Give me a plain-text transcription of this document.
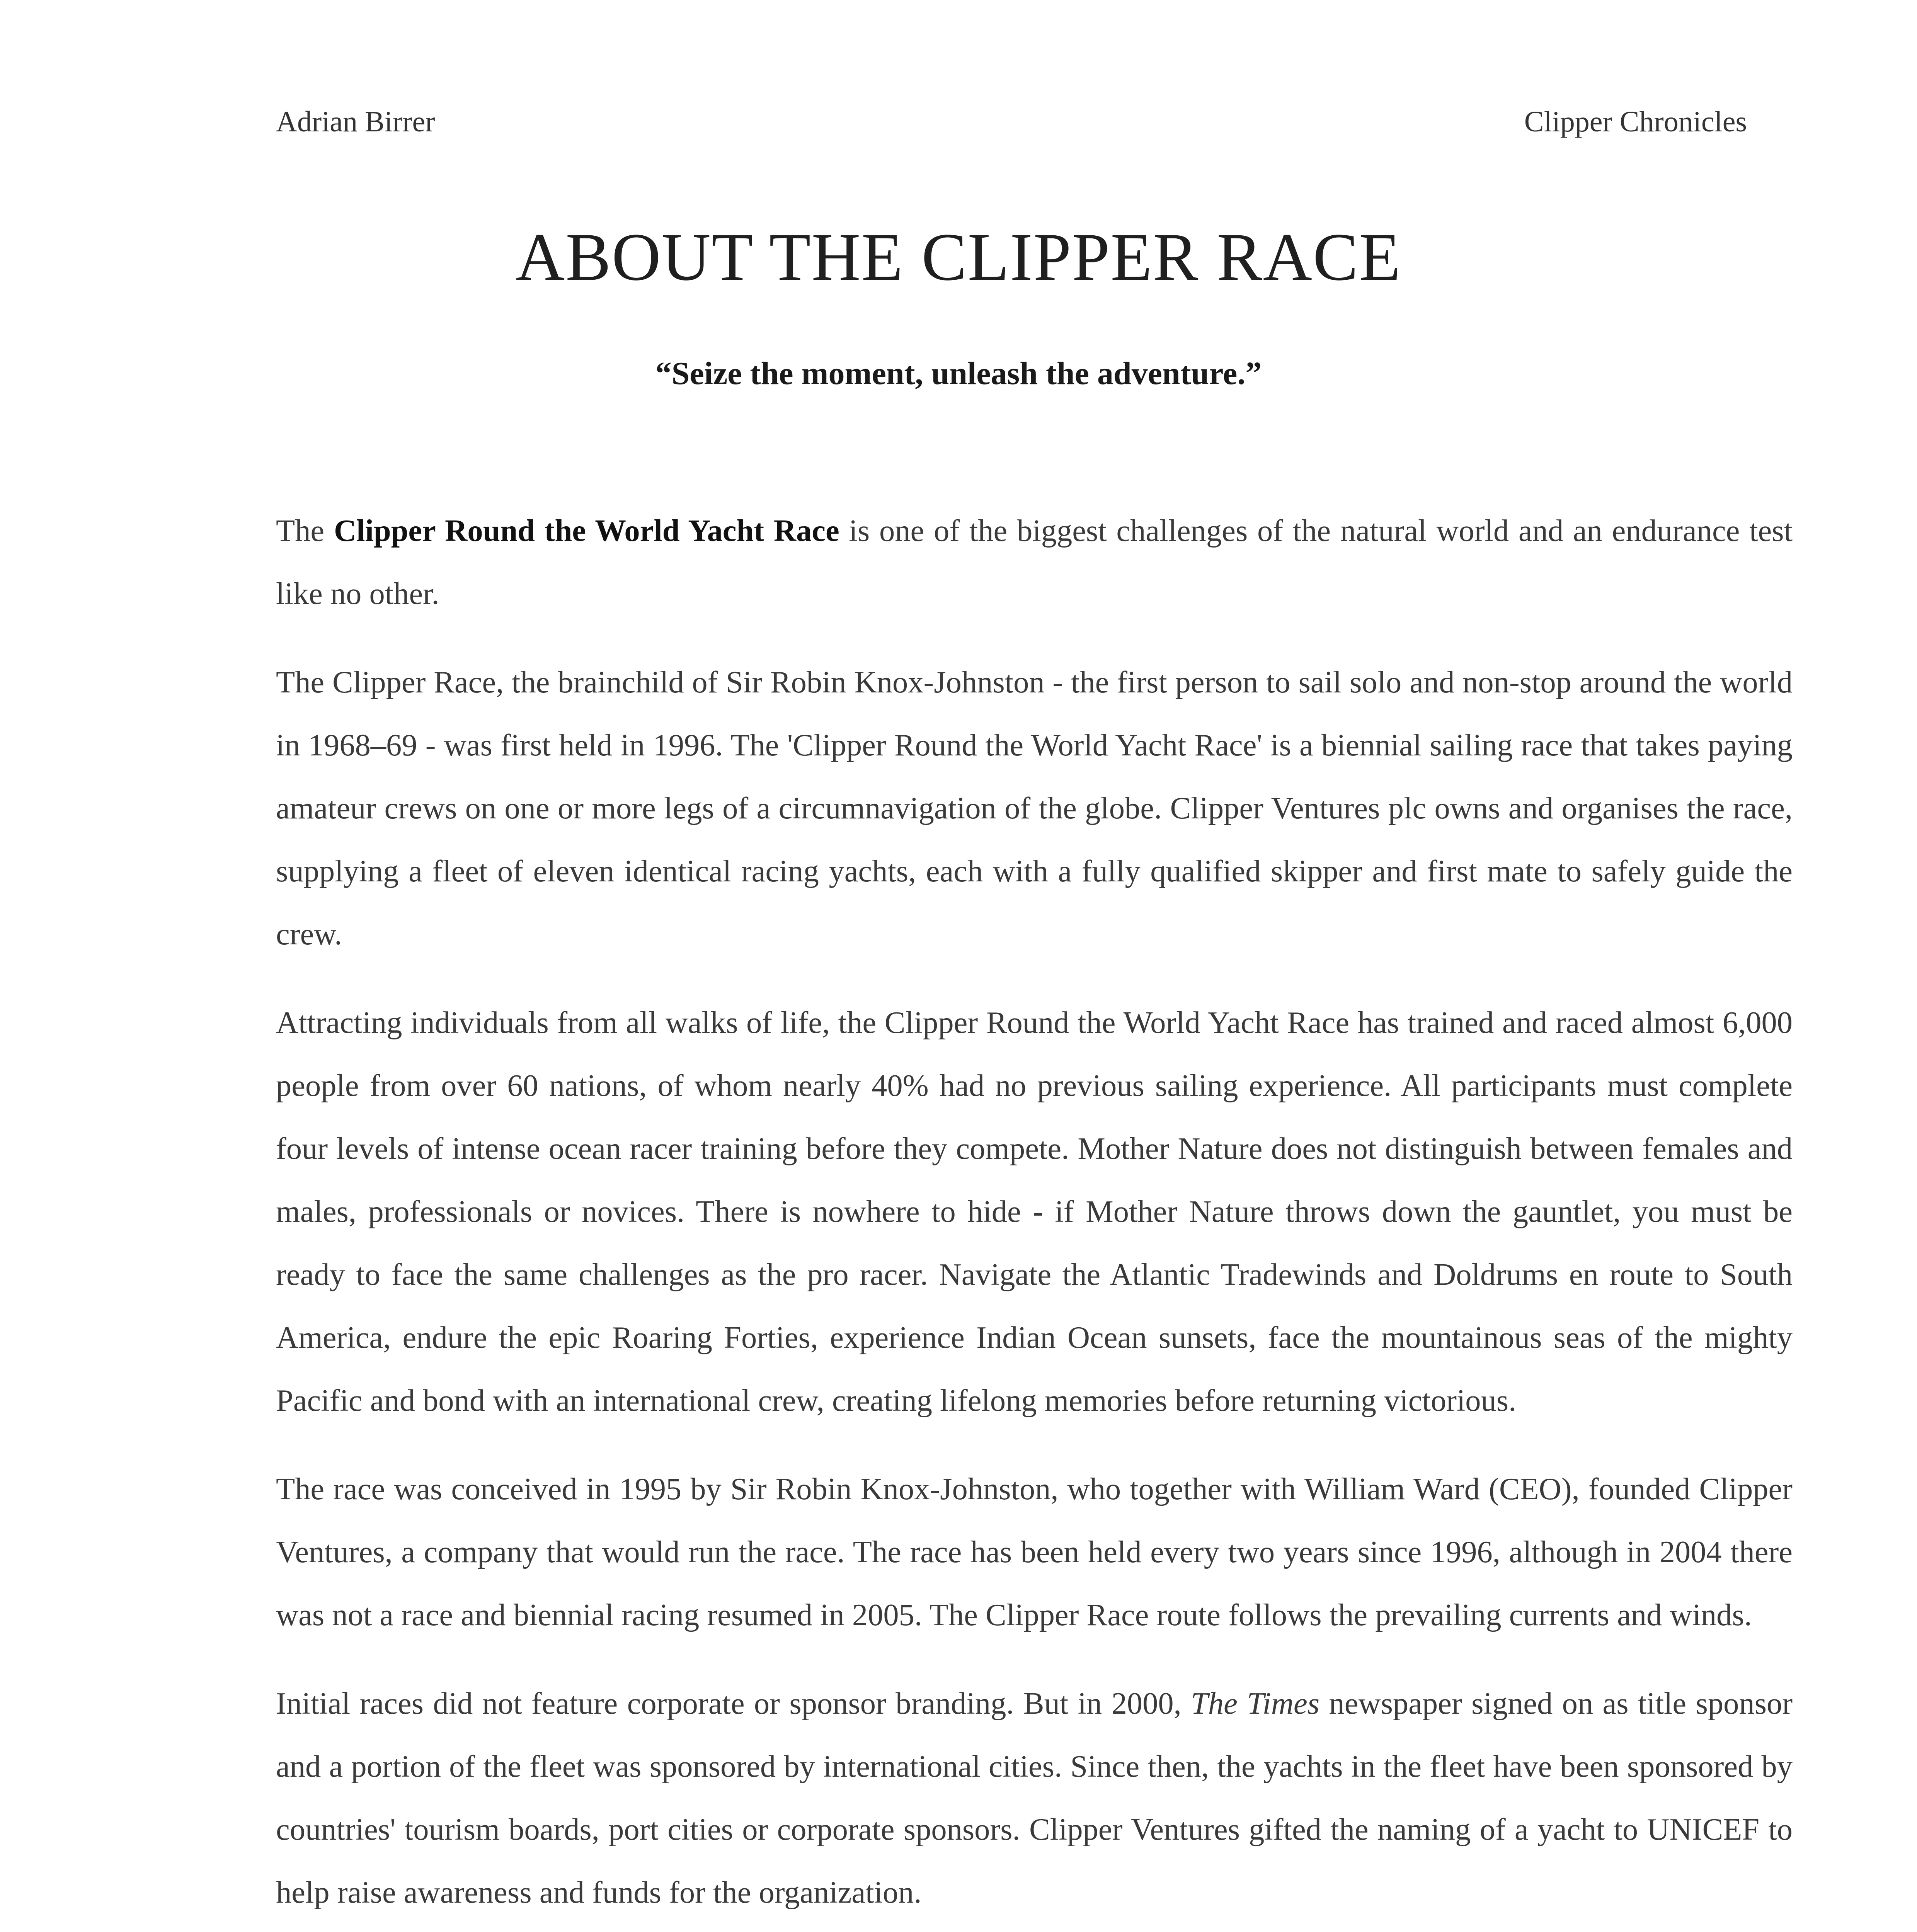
Adrian Birrer	Clipper Chronicles
ABOUT THE CLIPPER RACE
“Seize the moment, unleash the adventure.”

The Clipper Round the World Yacht Race is one of the biggest challenges of the natural world and an endurance test like no other.

The Clipper Race, the brainchild of Sir Robin Knox-Johnston - the first person to sail solo and non-stop around the world in 1968–69 - was first held in 1996. The 'Clipper Round the World Yacht Race' is a biennial sailing race that takes paying amateur crews on one or more legs of a circumnavigation of the globe. Clipper Ventures plc owns and organises the race, supplying a fleet of eleven identical racing yachts, each with a fully qualified skipper and first mate to safely guide the crew.

Attracting individuals from all walks of life, the Clipper Round the World Yacht Race has trained and raced almost 6,000 people from over 60 nations, of whom nearly 40% had no previous sailing experience. All participants must complete four levels of intense ocean racer training before they compete. Mother Nature does not distinguish between females and males, professionals or novices. There is nowhere to hide - if Mother Nature throws down the gauntlet, you must be ready to face the same challenges as the pro racer. Navigate the Atlantic Tradewinds and Doldrums en route to South America, endure the epic Roaring Forties, experience Indian Ocean sunsets, face the mountainous seas of the mighty Pacific and bond with an international crew, creating lifelong memories before returning victorious.

The race was conceived in 1995 by Sir Robin Knox-Johnston, who together with William Ward (CEO), founded Clipper Ventures, a company that would run the race. The race has been held every two years since 1996, although in 2004 there was not a race and biennial racing resumed in 2005. The Clipper Race route follows the prevailing currents and winds.

Initial races did not feature corporate or sponsor branding. But in 2000, The Times newspaper signed on as title sponsor and a portion of the fleet was sponsored by international cities. Since then, the yachts in the fleet have been sponsored by countries' tourism boards, port cities or corporate sponsors. Clipper Ventures gifted the naming of a yacht to UNICEF to help raise awareness and funds for the organization.
